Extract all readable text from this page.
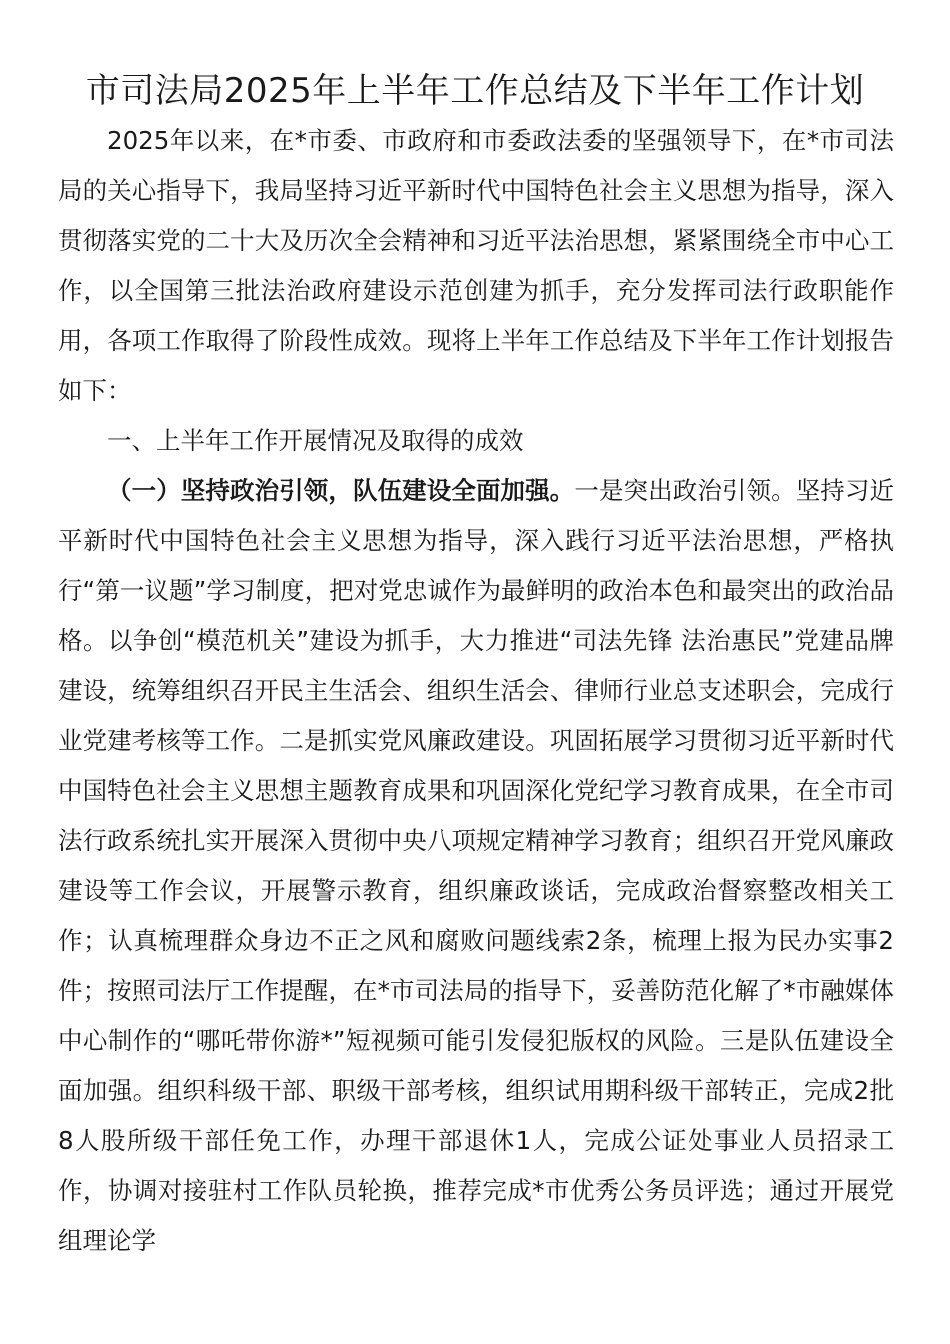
市司法局2025年上半年工作总结及下半年工作计划

2025年以来，在*市委、市政府和市委政法委的坚强领导下，在*市司法局的关心指导下，我局坚持习近平新时代中国特色社会主义思想为指导，深入贯彻落实党的二十大及历次全会精神和习近平法治思想，紧紧围绕全市中心工作，以全国第三批法治政府建设示范创建为抓手，充分发挥司法行政职能作用，各项工作取得了阶段性成效。现将上半年工作总结及下半年工作计划报告如下：

一、上半年工作开展情况及取得的成效

（一）坚持政治引领，队伍建设全面加强。一是突出政治引领。坚持习近平新时代中国特色社会主义思想为指导，深入践行习近平法治思想，严格执行“第一议题”学习制度，把对党忠诚作为最鲜明的政治本色和最突出的政治品格。以争创“模范机关”建设为抓手，大力推进“司法先锋 法治惠民”党建品牌建设，统筹组织召开民主生活会、组织生活会、律师行业总支述职会，完成行业党建考核等工作。二是抓实党风廉政建设。巩固拓展学习贯彻习近平新时代中国特色社会主义思想主题教育成果和巩固深化党纪学习教育成果，在全市司法行政系统扎实开展深入贯彻中央八项规定精神学习教育；组织召开党风廉政建设等工作会议，开展警示教育，组织廉政谈话，完成政治督察整改相关工作；认真梳理群众身边不正之风和腐败问题线索2条，梳理上报为民办实事2件；按照司法厅工作提醒，在*市司法局的指导下，妥善防范化解了*市融媒体中心制作的“哪吒带你游*”短视频可能引发侵犯版权的风险。三是队伍建设全面加强。组织科级干部、职级干部考核，组织试用期科级干部转正，完成2批8人股所级干部任免工作，办理干部退休1人，完成公证处事业人员招录工作，协调对接驻村工作队员轮换，推荐完成*市优秀公务员评选；通过开展党组理论学
